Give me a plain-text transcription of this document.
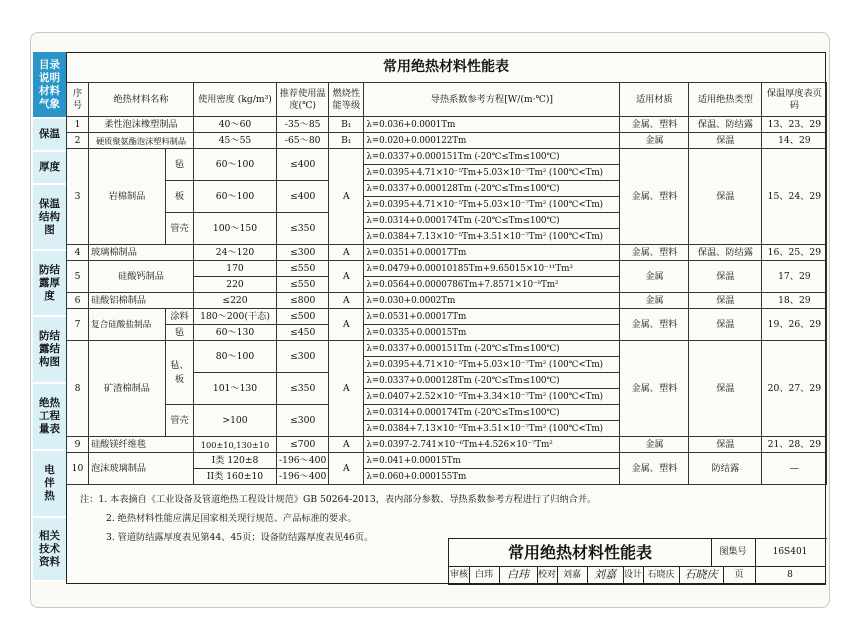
目录说明材料气象
保温
厚度
保温结构图
防结露厚度
防结露结构图
绝热工程量表
电伴热
相关技术资料
常用绝热材料性能表
序号	绝热材料名称		使用密度 (kg/m³)	推荐使用温度(℃)	燃烧性能等级	导热系数参考方程[W/(m·℃)]	适用材质	适用绝热类型	保温厚度表页码
1	柔性泡沫橡塑制品		40～60	-35～85	B₁	λ=0.036+0.0001Tm	金属、塑料	保温、防结露	13、23、29
2	硬质聚氨酯泡沫塑料制品		45～55	-65～80	B₁	λ=0.020+0.000122Tm	金属	保温	14、29
3	岩棉制品	毡	60～100	≤400	A	λ=0.0337+0.000151Tm (-20℃≤Tm≤100℃)	金属、塑料	保温	15、24、29
						λ=0.0395+4.71×10⁻⁵Tm+5.03×10⁻⁷Tm² (100℃<Tm)			
		板	60～100	≤400		λ=0.0337+0.000128Tm (-20℃≤Tm≤100℃)			
						λ=0.0395+4.71×10⁻⁵Tm+5.03×10⁻⁷Tm² (100℃<Tm)			
		管壳	100～150	≤350		λ=0.0314+0.000174Tm (-20℃≤Tm≤100℃)			
						λ=0.0384+7.13×10⁻⁵Tm+3.51×10⁻⁷Tm² (100℃<Tm)			
4	玻璃棉制品		24～120	≤300	A	λ=0.0351+0.00017Tm	金属、塑料	保温、防结露	16、25、29
5	硅酸钙制品		170	≤550	A	λ=0.0479+0.00010185Tm+9.65015×10⁻¹¹Tm³	金属	保温	17、29
			220	≤550		λ=0.0564+0.0000786Tm+7.8571×10⁻⁸Tm²			
6	硅酸铝棉制品		≤220	≤800	A	λ=0.030+0.0002Tm	金属	保温	18、29
7	复合硅酸盐制品	涂料	180～200(干态)	≤500	A	λ=0.0531+0.00017Tm	金属、塑料	保温	19、26、29
		毡	60～130	≤450		λ=0.0335+0.00015Tm			
8	矿渣棉制品	毡、板	80～100	≤300	A	λ=0.0337+0.000151Tm (-20℃≤Tm≤100℃)	金属、塑料	保温	20、27、29
						λ=0.0395+4.71×10⁻⁵Tm+5.03×10⁻⁷Tm² (100℃<Tm)			
			101～130	≤350		λ=0.0337+0.000128Tm (-20℃≤Tm≤100℃)			
						λ=0.0407+2.52×10⁻⁵Tm+3.34×10⁻⁷Tm² (100℃<Tm)			
		管壳	>100	≤300		λ=0.0314+0.000174Tm (-20℃≤Tm≤100℃)			
						λ=0.0384+7.13×10⁻⁵Tm+3.51×10⁻⁷Tm² (100℃<Tm)			
9	硅酸镁纤维毯		100±10,130±10	≤700	A	λ=0.0397-2.741×10⁻⁶Tm+4.526×10⁻⁷Tm²	金属	保温	21、28、29
10	泡沫玻璃制品		I类 120±8	-196～400	A	λ=0.041+0.00015Tm	金属、塑料	防结露	—
			II类 160±10	-196～400		λ=0.060+0.000155Tm			
注：1. 本表摘自《工业设备及管道绝热工程设计规范》GB 50264-2013，表内部分参数、导热系数参考方程进行了归纳合并。
2. 绝热材料性能应满足国家相关现行规范、产品标准的要求。
3. 管道防结露厚度表见第44、45页；设备防结露厚度表见46页。
常用绝热材料性能表	图集号	16S401
审核 白玮	白玮 校对 刘嘉	刘嘉 设计 石晓庆 石晓庆	页	8
